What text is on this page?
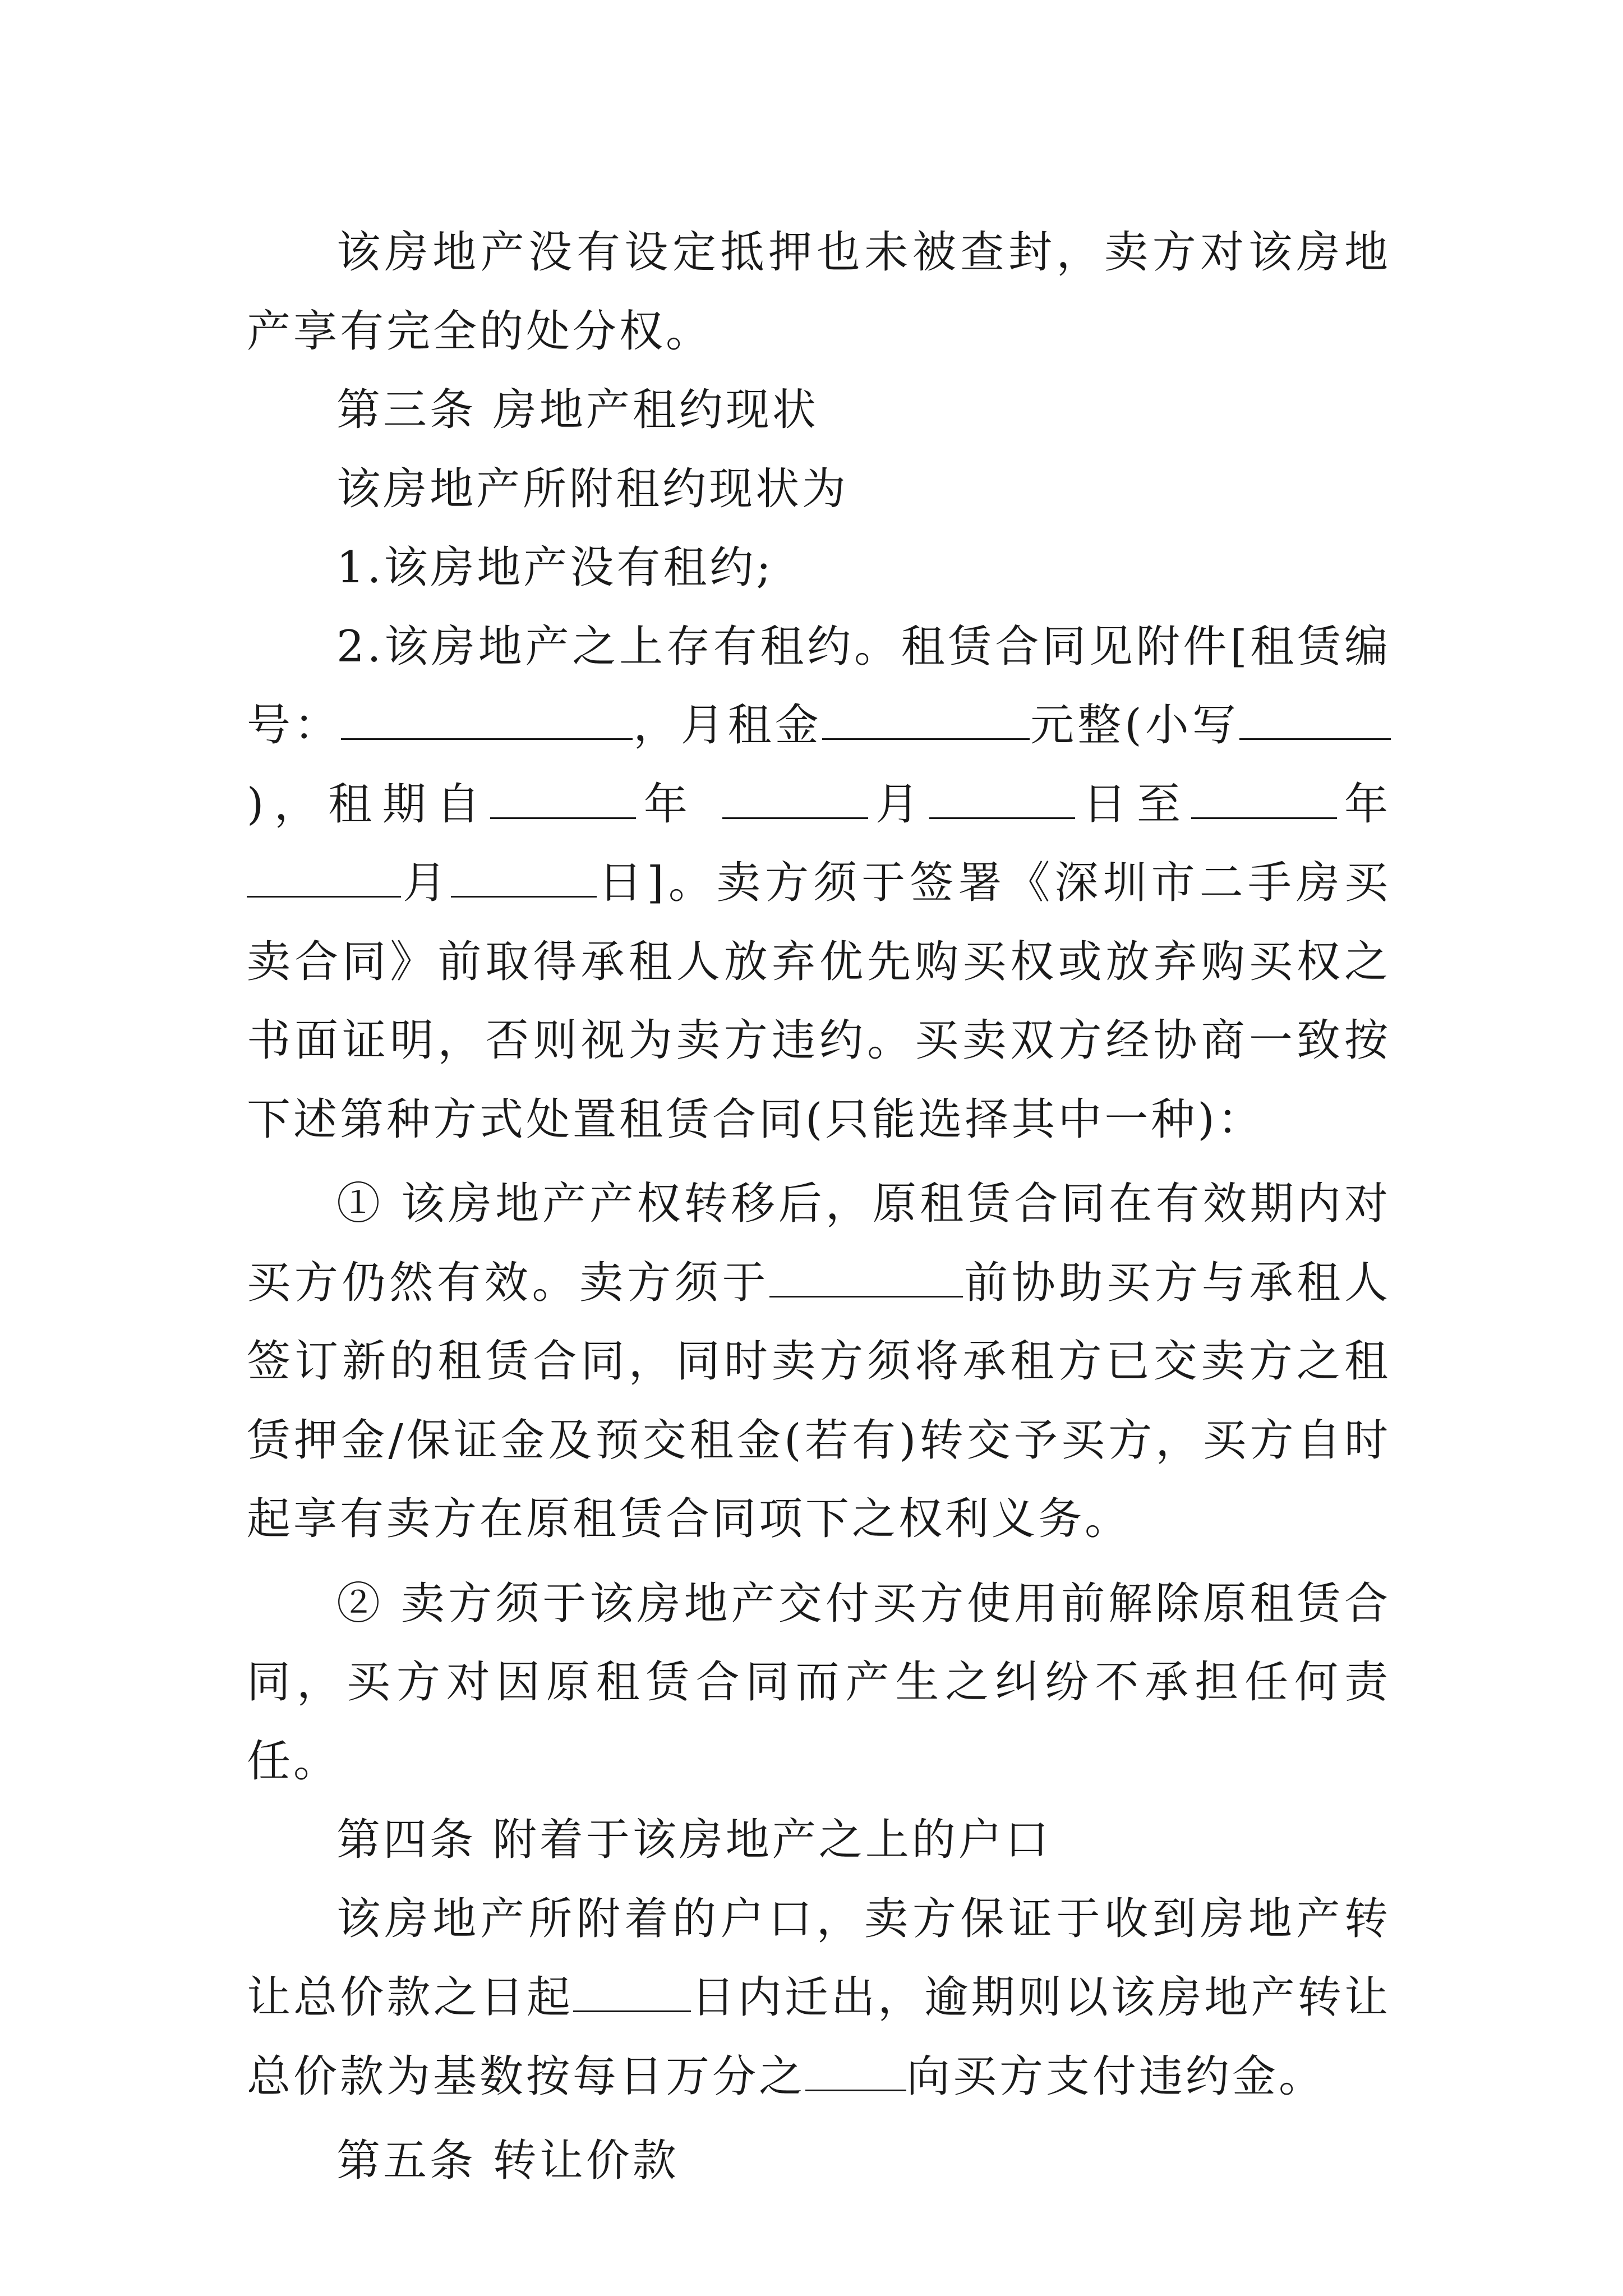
该房地产没有设定抵押也未被查封，卖方对该房地产享有完全的处分权。

第三条 房地产租约现状

该房地产所附租约现状为

1.该房地产没有租约;

2.该房地产之上存有租约。租赁合同见附件[租赁编号：	，月租金	元整(小写)，租期自	年	月	日至	年月	日]。卖方须于签署《深圳市二手房买卖合同》前取得承租人放弃优先购买权或放弃购买权之书面证明，否则视为卖方违约。买卖双方经协商一致按下述第种方式处置租赁合同(只能选择其中一种)：

① 该房地产产权转移后，原租赁合同在有效期内对买方仍然有效。卖方须于	前协助买方与承租人签订新的租赁合同，同时卖方须将承租方已交卖方之租赁押金/保证金及预交租金(若有)转交予买方，买方自时起享有卖方在原租赁合同项下之权利义务。

② 卖方须于该房地产交付买方使用前解除原租赁合同，买方对因原租赁合同而产生之纠纷不承担任何责任。

第四条 附着于该房地产之上的户口

该房地产所附着的户口，卖方保证于收到房地产转让总价款之日起	日内迁出，逾期则以该房地产转让总价款为基数按每日万分之 向买方支付违约金。

第五条 转让价款
